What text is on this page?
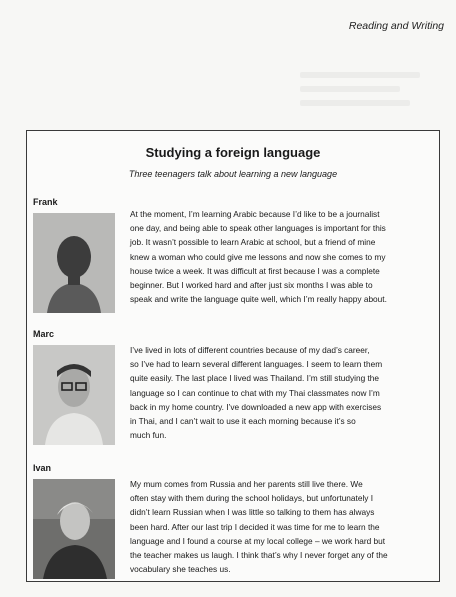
Reading and Writing
Studying a foreign language
Three teenagers talk about learning a new language
Frank
At the moment, I’m learning Arabic because I’d like to be a journalist
one day, and being able to speak other languages is important for this
job. It wasn’t possible to learn Arabic at school, but a friend of mine
knew a woman who could give me lessons and now she comes to my
house twice a week. It was difficult at first because I was a complete
beginner. But I worked hard and after just six months I was able to
speak and write the language quite well, which I’m really happy about.
Marc
I’ve lived in lots of different countries because of my dad’s career,
so I’ve had to learn several different languages. I seem to learn them
quite easily. The last place I lived was Thailand. I’m still studying the
language so I can continue to chat with my Thai classmates now I’m
back in my home country. I’ve downloaded a new app with exercises
in Thai, and I can’t wait to use it each morning because it’s so
much fun.
Ivan
My mum comes from Russia and her parents still live there. We
often stay with them during the school holidays, but unfortunately I
didn’t learn Russian when I was little so talking to them has always
been hard. After our last trip I decided it was time for me to learn the
language and I found a course at my local college – we work hard but
the teacher makes us laugh. I think that’s why I never forget any of the
vocabulary she teaches us.
